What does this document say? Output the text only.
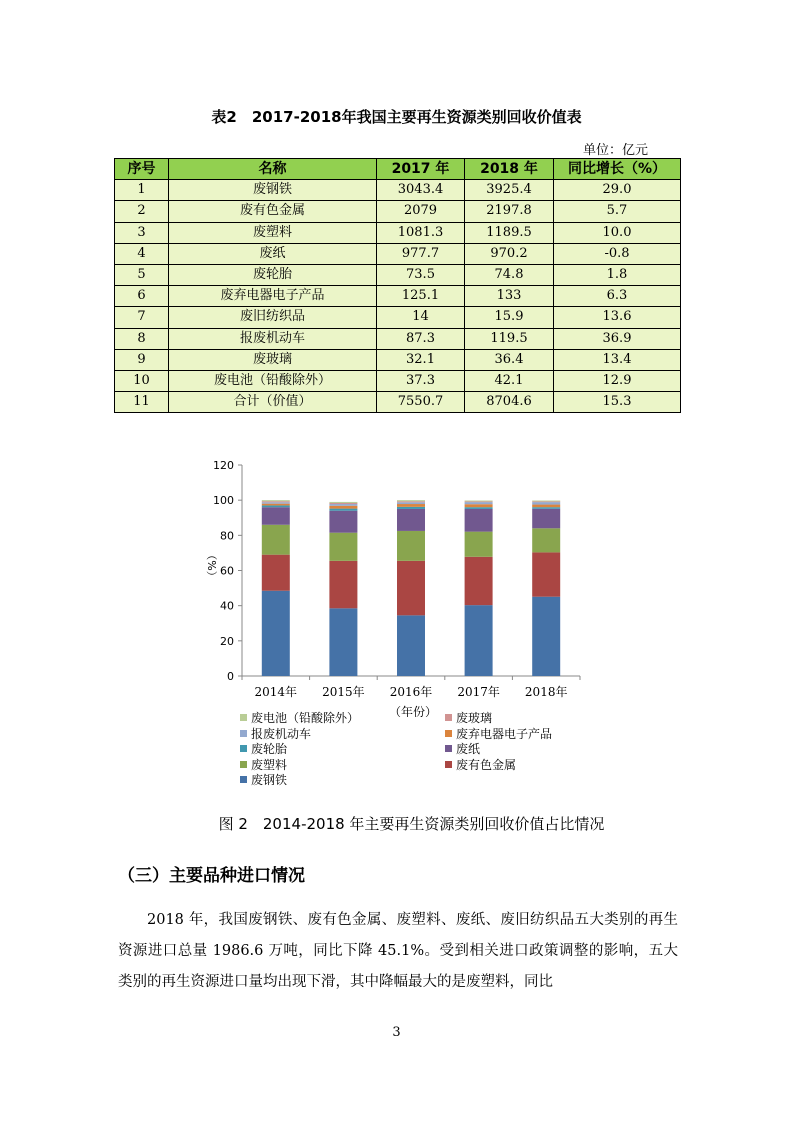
表2　2017-2018年我国主要再生资源类别回收价值表
单位：亿元
序号	名称	2017 年	2018 年	同比增长（%）
1	废钢铁	3043.4	3925.4	29.0
2	废有色金属	2079	2197.8	5.7
3	废塑料	1081.3	1189.5	10.0
4	废纸	977.7	970.2	-0.8
5	废轮胎	73.5	74.8	1.8
6	废弃电器电子产品	125.1	133	6.3
7	废旧纺织品	14	15.9	13.6
8	报废机动车	87.3	119.5	36.9
9	废玻璃	32.1	36.4	13.4
10	废电池（铅酸除外）	37.3	42.1	12.9
11	合计（价值）	7550.7	8704.6	15.3
0
20
40
60
80
100
120
2014年 2015年 2016年 2017年 2018年
（%）
（年份）
废电池（铅酸除外）	废玻璃
报废机动车	废弃电器电子产品
废轮胎	废纸
废塑料	废有色金属
废钢铁
图 2　2014-2018 年主要再生资源类别回收价值占比情况
（三）主要品种进口情况
2018 年，我国废钢铁、废有色金属、废塑料、废纸、废旧纺织品五大类别的再生资源进口总量 1986.6 万吨，同比下降 45.1%。受到相关进口政策调整的影响，五大类别的再生资源进口量均出现下滑，其中降幅最大的是废塑料，同比
3
